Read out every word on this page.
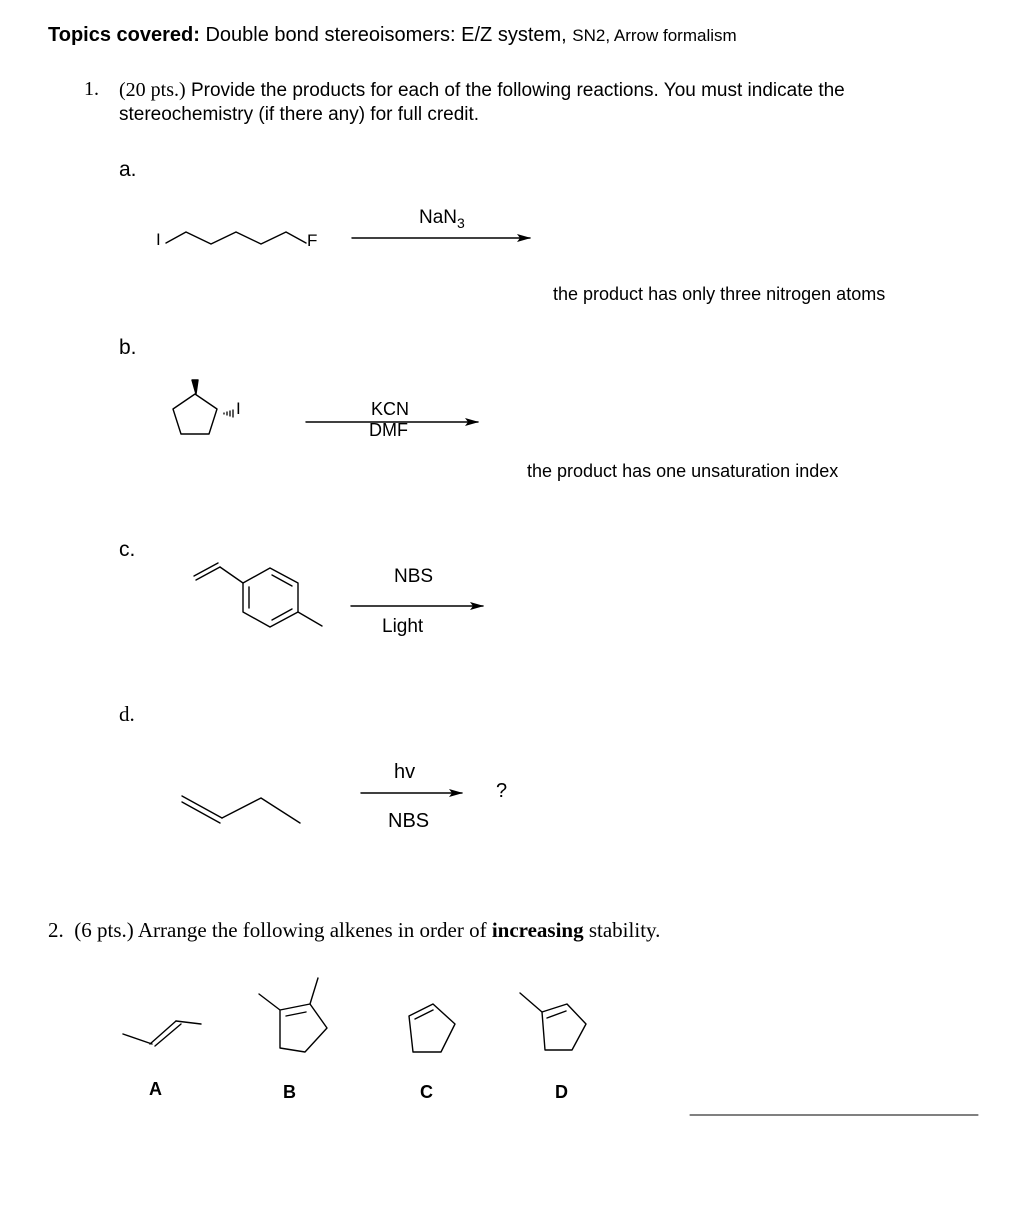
Topics covered: Double bond stereoisomers: E/Z system, SN2, Arrow formalism
1. (20 pts.) Provide the products for each of the following reactions. You must indicate the stereochemistry (if there any) for full credit.
a.
b.
c.
d.
I	F
NaN$_3$
the product has only three nitrogen atoms
I	KCN
DMF
the product has one unsaturation index
NBS
Light
hv
NBS
?
2. (6 pts.) Arrange the following alkenes in order of increasing stability.
A	B	C	D
